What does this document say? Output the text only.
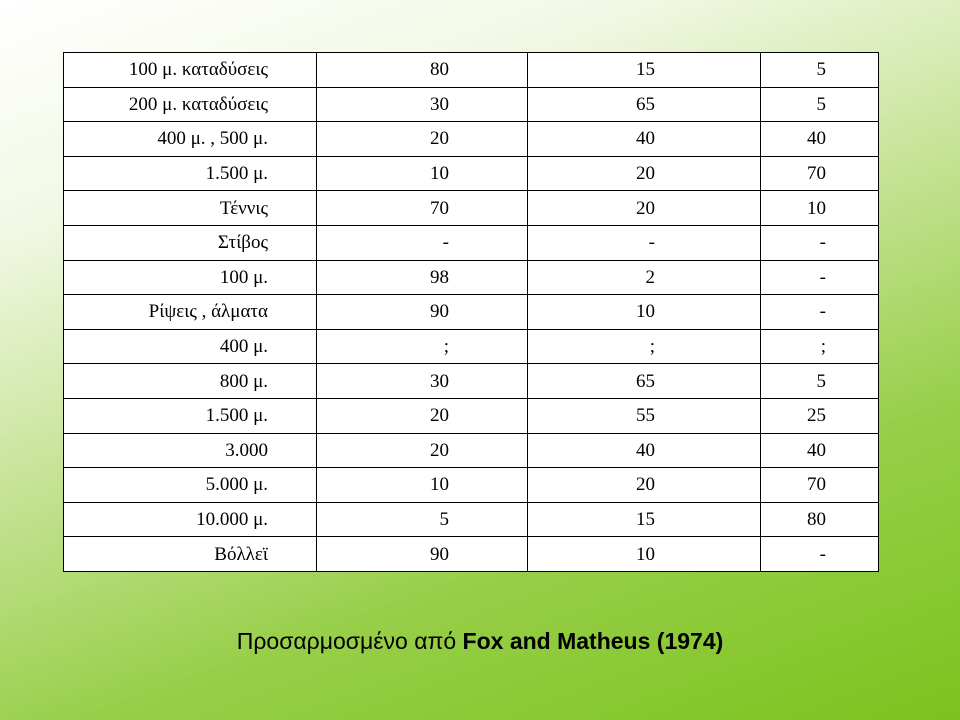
100 μ. καταδύσεις	80	15	5
200 μ. καταδύσεις	30	65	5
400 μ. , 500 μ.	20	40	40
1.500 μ.	10	20	70
Τέννις	70	20	10
Στίβος	-	-	-
100 μ.	98	2	-
Ρίψεις , άλματα	90	10	-
400 μ.	;	;	;
800 μ.	30	65	5
1.500 μ.	20	55	25
3.000	20	40	40
5.000 μ.	10	20	70
10.000 μ.	5	15	80
Βόλλεϊ	90	10	-
Προσαρμοσμένο από Fox and Matheus (1974)
